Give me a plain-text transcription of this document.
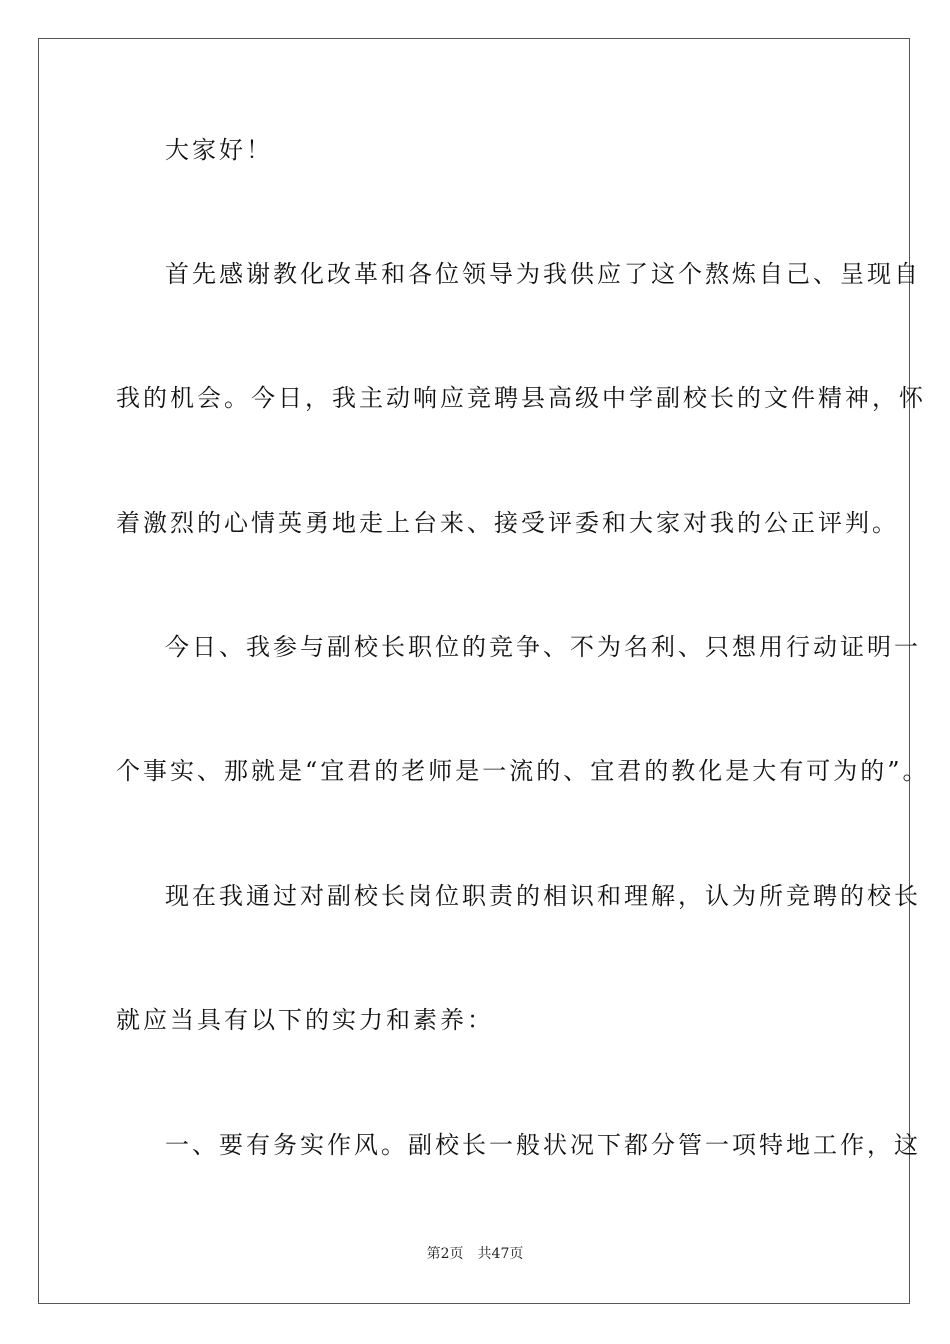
大家好！
首先感谢教化改革和各位领导为我供应了这个熬炼自己、呈现自
我的机会。今日，我主动响应竞聘县高级中学副校长的文件精神，怀
着激烈的心情英勇地走上台来、接受评委和大家对我的公正评判。
今日、我参与副校长职位的竞争、不为名利、只想用行动证明一
个事实、那就是“宜君的老师是一流的、宜君的教化是大有可为的”。
现在我通过对副校长岗位职责的相识和理解，认为所竞聘的校长
就应当具有以下的实力和素养：
一、要有务实作风。副校长一般状况下都分管一项特地工作，这
第2页 共47页
